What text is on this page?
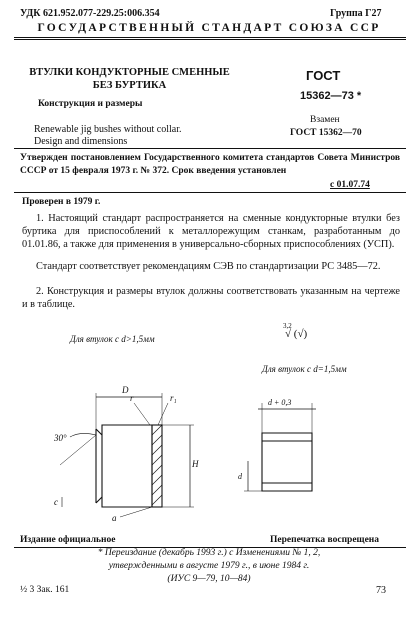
УДК 621.952.077-229.25:006.354	Группа Г27
ГОСУДАРСТВЕННЫЙ СТАНДАРТ СОЮЗА ССР
ВТУЛКИ КОНДУКТОРНЫЕ СМЕННЫЕ
БЕЗ БУРТИКА
Конструкция и размеры
Renewable jig bushes without collar.
Design and dimensions
ГОСТ
15362—73 *
Взамен
ГОСТ 15362—70
Утвержден постановлением Государственного комитета стандартов Совета Министров СССР от 15 февраля 1973 г. № 372. Срок введения установлен
с 01.07.74
Проверен в 1979 г.
1. Настоящий стандарт распространяется на сменные кондукторные втулки без буртика для приспособлений к металлорежущим станкам, разработанным до 01.01.86, а также для применения в универсально-сборных приспособлениях (УСП).
Стандарт соответствует рекомендациям СЭВ по стандартизации РС 3485—72.
2. Конструкция и размеры втулок должны соответствовать указанным на чертеже и в таблице.
3,2
√ (√)
Для втулок с d>1,5мм
Для втулок с d=1,5мм
D
H
30°
r	r₁
c
a
d + 0,3
d
Издание официальное	Перепечатка воспрещена
* Переиздание (декабрь 1993 г.) с Изменениями № 1, 2,
утвержденными в августе 1979 г., в июне 1984 г.
(ИУС 9—79, 10—84)
½ 3 Зак. 161	73
